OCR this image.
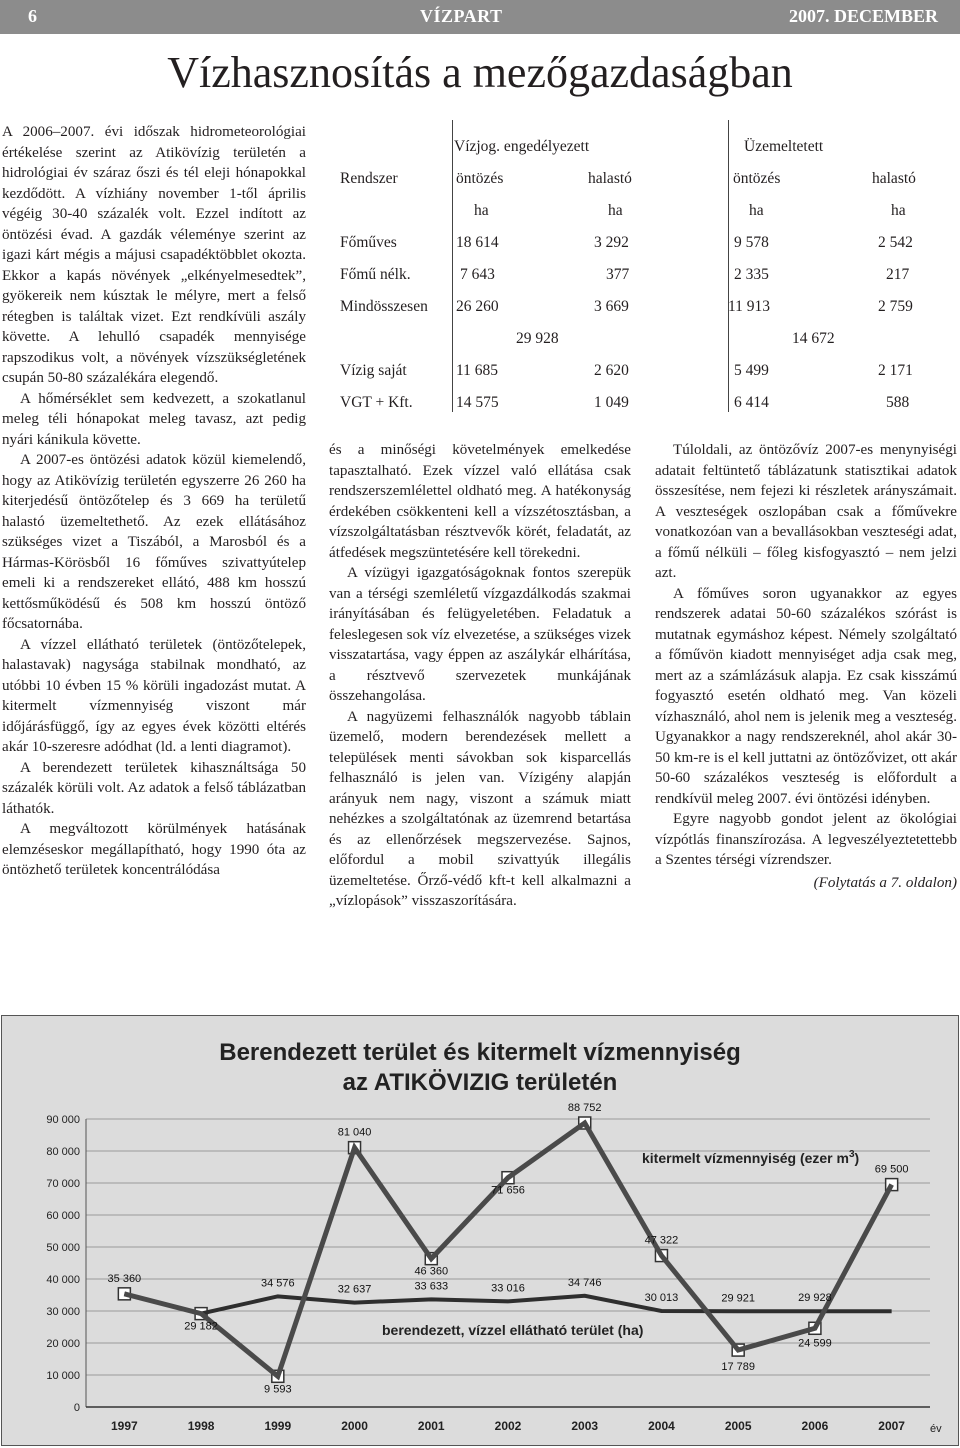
6	VÍZPART	2007. DECEMBER
Vízhasznosítás a mezőgazdaságban

A 2006–2007. évi időszak hidrometeorológiai értékelése szerint az Atikövízig területén a hidrológiai év száraz őszi és tél eleji hónapokkal kezdődött. A vízhiány november 1-től április végéig 30-40 százalék volt. Ezzel indított az öntözési évad. A gazdák véleménye szerint az igazi kárt mégis a májusi csapadéktöbblet okozta. Ekkor a kapás növények „elkényelmesedtek”, gyökereik nem kúsztak le mélyre, mert a felső rétegben is találtak vizet. Ezt rendkívüli aszály követte. A lehulló csapadék mennyisége rapszodikus volt, a növények vízszükségletének csupán 50-80 százalékára elegendő.

A hőmérséklet sem kedvezett, a szokatlanul meleg téli hónapokat meleg tavasz, azt pedig nyári kánikula követte.

A 2007-es öntözési adatok közül kiemelendő, hogy az Atikövízig területén egyszerre 26 260 ha kiterjedésű öntözőtelep és 3 669 ha területű halastó üzemeltethető. Az ezek ellátásához szükséges vizet a Tiszából, a Marosból és a Hármas-Körösből 16 főműves szivattyútelep emeli ki a rendszereket ellátó, 488 km hosszú kettősműködésű és 508 km hosszú öntöző főcsatornába.

A vízzel ellátható területek (öntözőtelepek, halastavak) nagysága stabilnak mondható, az utóbbi 10 évben 15 % körüli ingadozást mutat. A kitermelt vízmennyiség viszont már időjárásfüggő, így az egyes évek közötti eltérés akár 10-szeresre adódhat (ld. a lenti diagramot).

A berendezett területek kihasználtsága 50 százalék körüli volt. Az adatok a felső táblázatban láthatók.

A megváltozott körülmények hatásának elemzéseskor megállapítható, hogy 1990 óta az öntözhető területek koncentrálódása

és a minőségi követelmények emelkedése tapasztalható. Ezek vízzel való ellátása csak rendszerszemlélettel oldható meg. A hatékonyság érdekében csökkenteni kell a vízszétosztásban, a vízszolgáltatásban résztvevők körét, feladatát, az átfedések megszüntetésére kell törekedni.

A vízügyi igazgatóságoknak fontos szerepük van a térségi szemléletű vízgazdálkodás szakmai irányításában és felügyeletében. Feladatuk a feleslegesen sok víz elvezetése, a szükséges vizek visszatartása, vagy éppen az aszálykár elhárítása, a résztvevő szervezetek munkájának összehangolása.

A nagyüzemi felhasználók nagyobb táblain üzemelő, modern berendezések mellett a települések menti sávokban sok kisparcellás felhasználó is jelen van. Vízigény alapján arányuk nem nagy, viszont a számuk miatt nehézkes a szolgáltatónak az üzemrend betartása és az ellenőrzések megszervezése. Sajnos, előfordul a mobil szivattyúk illegális üzemeltetése. Őrző-védő kft-t kell alkalmazni a „vízlopások” visszaszorítására.

Túloldali, az öntözővíz 2007-es menynyiségi adatait feltüntető táblázatunk statisztikai adatok összesítése, nem fejezi ki részletek arányszámait. A veszteségek oszlopában csak a főművekre vonatkozóan van a bevallásokban veszteségi adat, a főmű nélküli – főleg kisfogyasztó – nem jelzi azt.

A főműves soron ugyanakkor az egyes rendszerek adatai 50-60 százalékos szórást is mutatnak egymáshoz képest. Némely szolgáltató a főművön kiadott mennyiséget adja csak meg, mert az a számlázásuk alapja. Ez csak kisszámú fogyasztó esetén oldható meg. Van közeli vízhasználó, ahol nem is jelenik meg a veszteség. Ugyanakkor a nagy rendszereknél, ahol akár 30-50 km-re is el kell juttatni az öntözővizet, ott akár 50-60 százalékos veszteség is előfordult a rendkívül meleg 2007. évi öntözési idényben.

Egyre nagyobb gondot jelent az ökológiai vízpótlás finanszírozása. A legveszélyeztetettebb a Szentes térségi vízrendszer.

(Folytatás a 7. oldalon)
Vízjog. engedélyezett	Üzemeltetett
Rendszer	öntözés	halastó	öntözés	halastó
ha	ha	ha	ha
Főműves	18 614	3 292	9 578	2 542
Főmű nélk.	7 643	377	2 335	217
Mindösszesen 26 260	3 669	11 913	2 759
29 928	14 672
Vízig saját	11 685	2 620	5 499	2 171
VGT + Kft.	14 575	1 049	6 414	588
Berendezett terület és kitermelt vízmennyiség
az ATIKÖVIZIG területén
90 000
80 000
70 000
60 000
50 000
40 000
30 000
20 000
10 000
0
1997	1998	1999	2000	2001	2002	2003	2004	2005	2006	2007
35 360
29 182
9 593
81 040
46 360
71 656
88 752
47 322
17 789
24 599
69 500
34 576
32 637	33 633	33 016	34 746
30 013	29 921	29 928
kitermelt vízmennyiség (ezer $m^3$)
berendezett, vízzel ellátható terület (ha)
év
